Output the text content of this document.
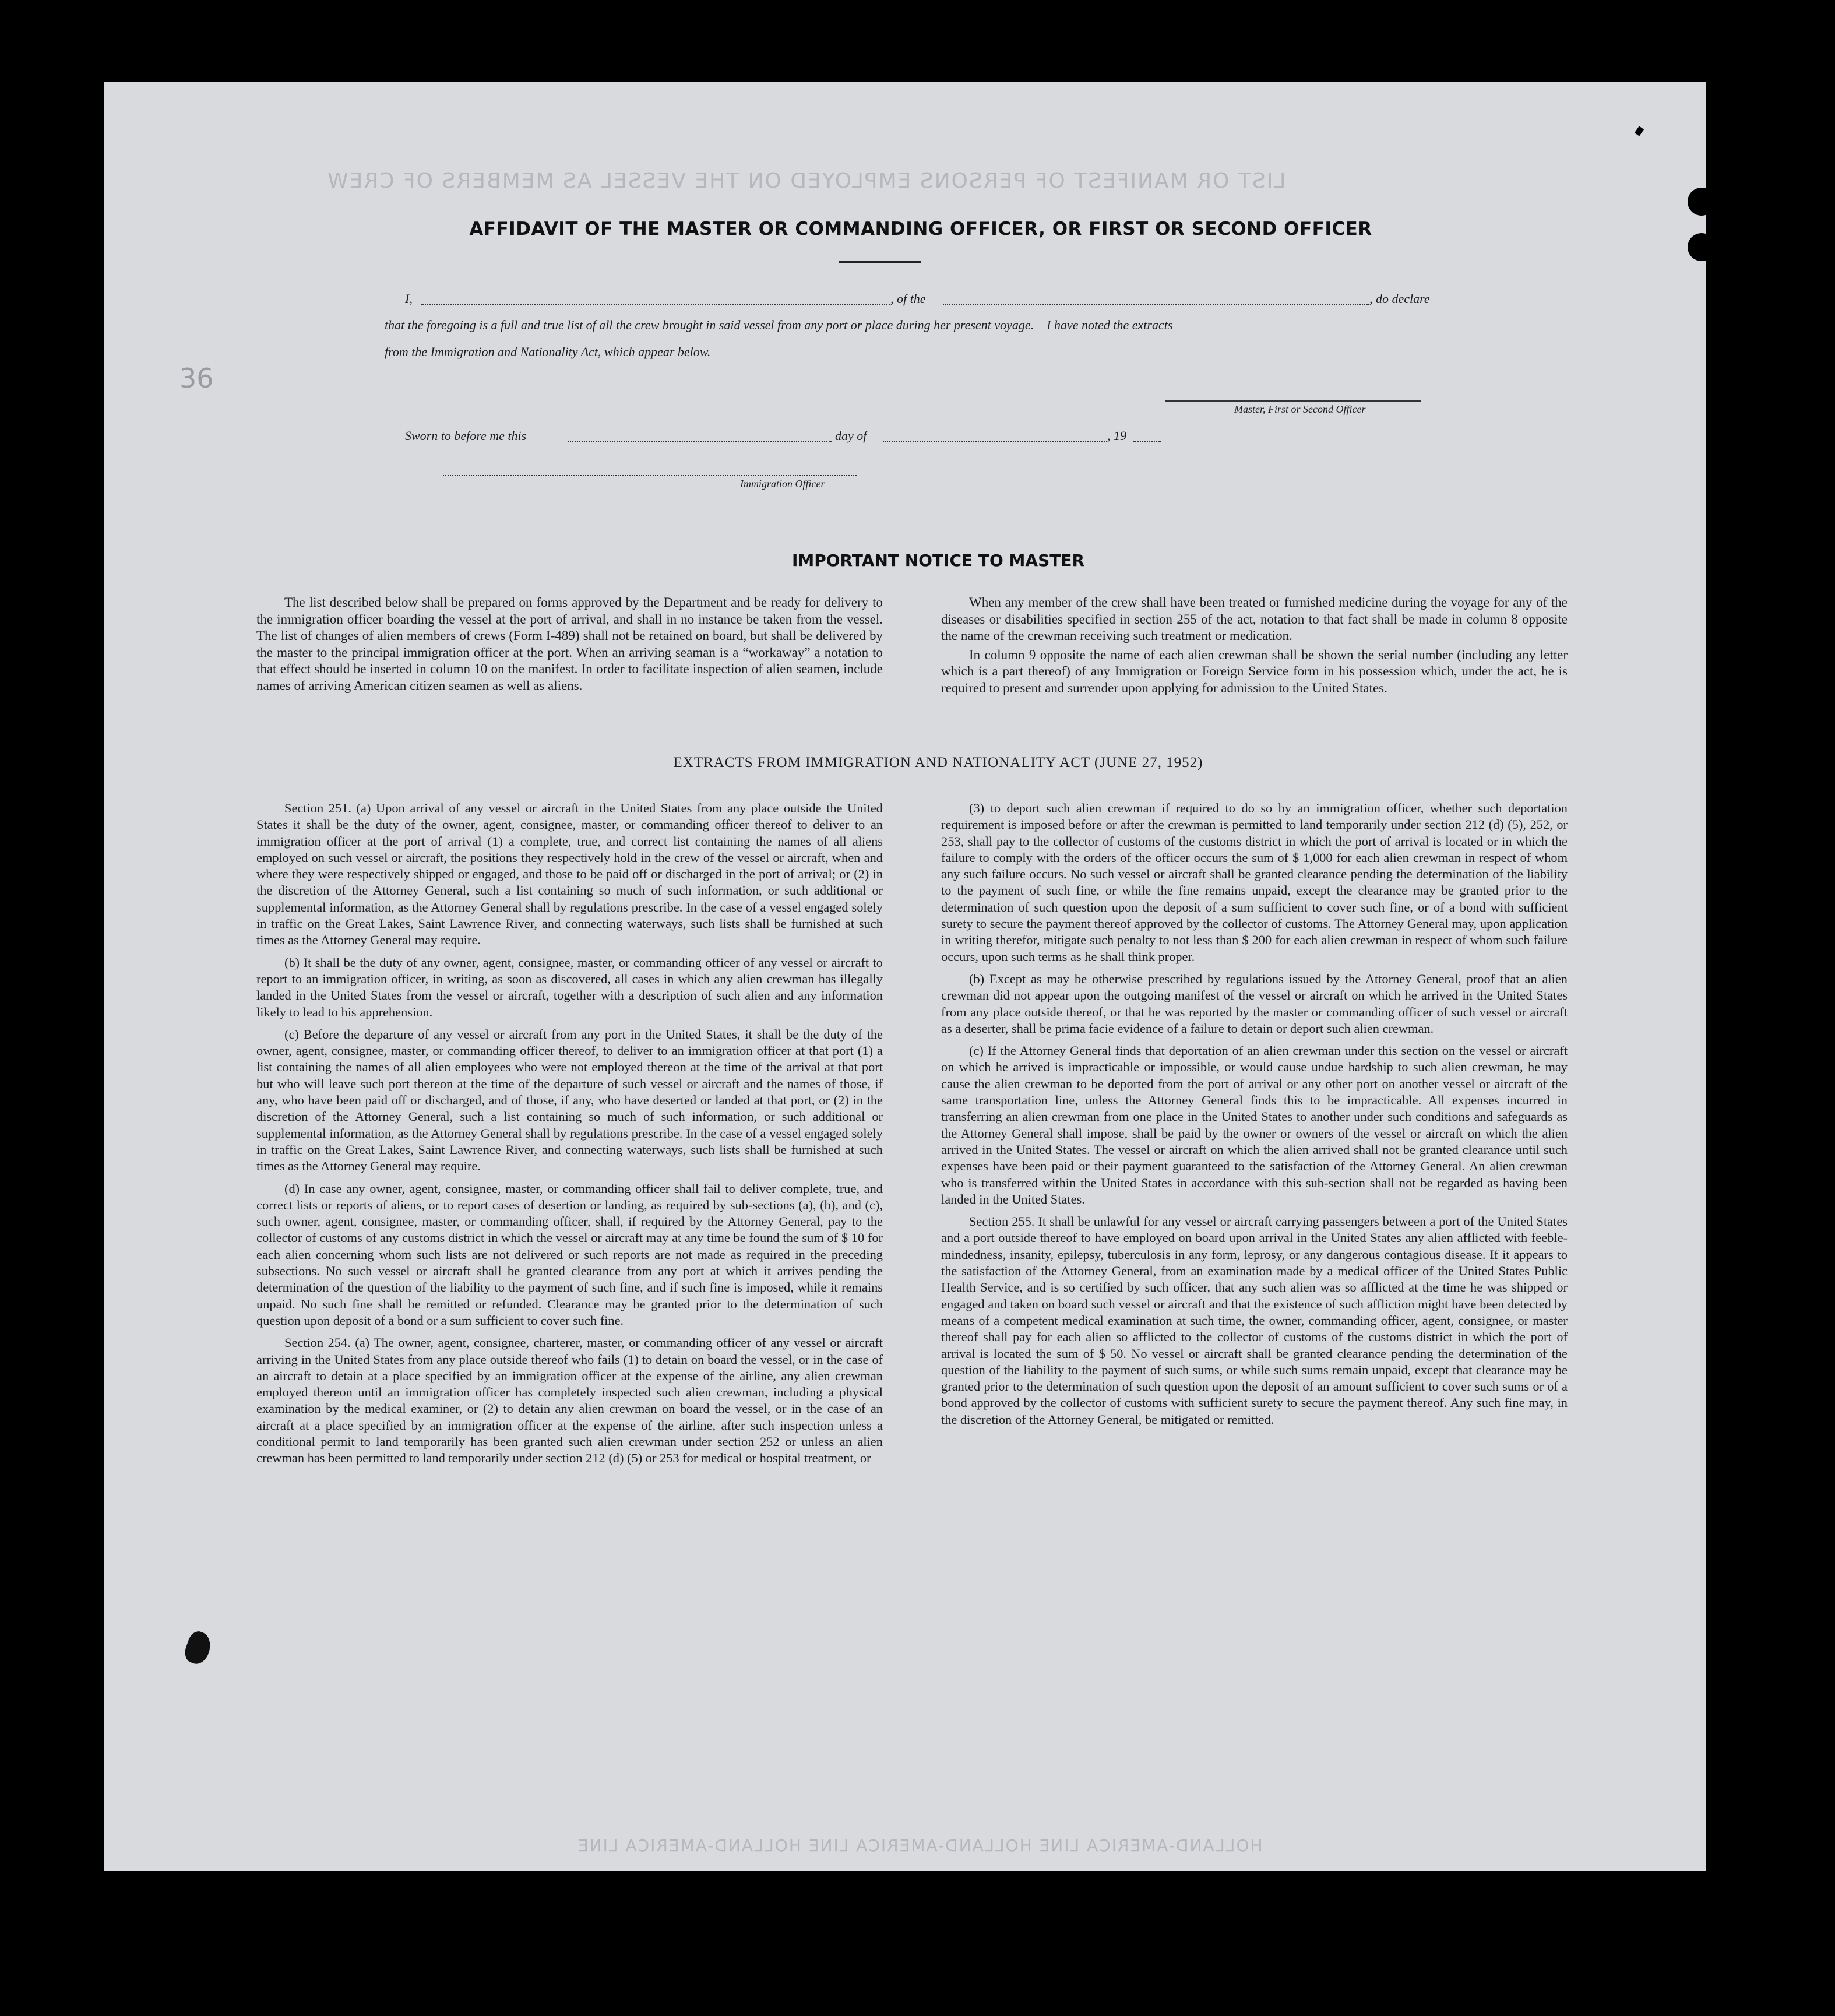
LIST OR MANIFEST OF PERSONS EMPLOYED ON THE VESSEL AS MEMBERS OF CREW
36
HOLLAND-AMERICA LINE HOLLAND-AMERICA LINE HOLLAND-AMERICA LINE
AFFIDAVIT OF THE MASTER OR COMMANDING OFFICER, OR FIRST OR SECOND OFFICER
I,	, of the	, do declare
that the foregoing is a full and true list of all the crew brought in said vessel from any port or place during her present voyage.    I have noted the extracts
from the Immigration and Nationality Act, which appear below.
Master, First or Second Officer
Sworn to before me this	day of	, 19
Immigration Officer
IMPORTANT NOTICE TO MASTER

The list described below shall be prepared on forms approved by the Department and be ready for delivery to the immigration officer boarding the vessel at the port of arrival, and shall in no instance be taken from the vessel. The list of changes of alien members of crews (Form I-489) shall not be retained on board, but shall be delivered by the master to the principal immigration officer at the port. When an arriving seaman is a “workaway” a notation to that effect should be inserted in column 10 on the manifest. In order to facilitate inspection of alien seamen, include names of arriving American citizen seamen as well as aliens.

When any member of the crew shall have been treated or furnished medicine during the voyage for any of the diseases or disabilities specified in section 255 of the act, notation to that fact shall be made in column 8 opposite the name of the crewman receiving such treatment or medication.

In column 9 opposite the name of each alien crewman shall be shown the serial number (including any letter which is a part thereof) of any Immigration or Foreign Service form in his possession which, under the act, he is required to present and surrender upon applying for admission to the United States.

EXTRACTS FROM IMMIGRATION AND NATIONALITY ACT (JUNE 27, 1952)

Section 251. (a) Upon arrival of any vessel or aircraft in the United States from any place outside the United States it shall be the duty of the owner, agent, consignee, master, or commanding officer thereof to deliver to an immigration officer at the port of arrival (1) a complete, true, and correct list containing the names of all aliens employed on such vessel or aircraft, the positions they respectively hold in the crew of the vessel or aircraft, when and where they were respectively shipped or engaged, and those to be paid off or discharged in the port of arrival; or (2) in the discretion of the Attorney General, such a list containing so much of such information, or such additional or supplemental information, as the Attorney General shall by regulations prescribe. In the case of a vessel engaged solely in traffic on the Great Lakes, Saint Lawrence River, and connecting waterways, such lists shall be furnished at such times as the Attorney General may require.

(b) It shall be the duty of any owner, agent, consignee, master, or commanding officer of any vessel or aircraft to report to an immigration officer, in writing, as soon as discovered, all cases in which any alien crewman has illegally landed in the United States from the vessel or aircraft, together with a description of such alien and any information likely to lead to his apprehension.

(c) Before the departure of any vessel or aircraft from any port in the United States, it shall be the duty of the owner, agent, consignee, master, or commanding officer thereof, to deliver to an immigration officer at that port (1) a list containing the names of all alien employees who were not employed thereon at the time of the arrival at that port but who will leave such port thereon at the time of the departure of such vessel or aircraft and the names of those, if any, who have been paid off or discharged, and of those, if any, who have deserted or landed at that port, or (2) in the discretion of the Attorney General, such a list containing so much of such information, or such additional or supplemental information, as the Attorney General shall by regulations prescribe. In the case of a vessel engaged solely in traffic on the Great Lakes, Saint Lawrence River, and connecting waterways, such lists shall be furnished at such times as the Attorney General may require.

(d) In case any owner, agent, consignee, master, or commanding officer shall fail to deliver complete, true, and correct lists or reports of aliens, or to report cases of desertion or landing, as required by sub-sections (a), (b), and (c), such owner, agent, consignee, master, or commanding officer, shall, if required by the Attorney General, pay to the collector of customs of any customs district in which the vessel or aircraft may at any time be found the sum of $ 10 for each alien concerning whom such lists are not delivered or such reports are not made as required in the preceding subsections. No such vessel or aircraft shall be granted clearance from any port at which it arrives pending the determination of the question of the liability to the payment of such fine, and if such fine is imposed, while it remains unpaid. No such fine shall be remitted or refunded. Clearance may be granted prior to the determination of such question upon deposit of a bond or a sum sufficient to cover such fine.

Section 254. (a) The owner, agent, consignee, charterer, master, or commanding officer of any vessel or aircraft arriving in the United States from any place outside thereof who fails (1) to detain on board the vessel, or in the case of an aircraft to detain at a place specified by an immigration officer at the expense of the airline, any alien crewman employed thereon until an immigration officer has completely inspected such alien crewman, including a physical examination by the medical examiner, or (2) to detain any alien crewman on board the vessel, or in the case of an aircraft at a place specified by an immigration officer at the expense of the airline, after such inspection unless a conditional permit to land temporarily has been granted such alien crewman under section 252 or unless an alien crewman has been permitted to land temporarily under section 212 (d) (5) or 253 for medical or hospital treatment, or

(3) to deport such alien crewman if required to do so by an immigration officer, whether such deportation requirement is imposed before or after the crewman is permitted to land temporarily under section 212 (d) (5), 252, or 253, shall pay to the collector of customs of the customs district in which the port of arrival is located or in which the failure to comply with the orders of the officer occurs the sum of $ 1,000 for each alien crewman in respect of whom any such failure occurs. No such vessel or aircraft shall be granted clearance pending the determination of the liability to the payment of such fine, or while the fine remains unpaid, except the clearance may be granted prior to the determination of such question upon the deposit of a sum sufficient to cover such fine, or of a bond with sufficient surety to secure the payment thereof approved by the collector of customs. The Attorney General may, upon application in writing therefor, mitigate such penalty to not less than $ 200 for each alien crewman in respect of whom such failure occurs, upon such terms as he shall think proper.

(b) Except as may be otherwise prescribed by regulations issued by the Attorney General, proof that an alien crewman did not appear upon the outgoing manifest of the vessel or aircraft on which he arrived in the United States from any place outside thereof, or that he was reported by the master or commanding officer of such vessel or aircraft as a deserter, shall be prima facie evidence of a failure to detain or deport such alien crewman.

(c) If the Attorney General finds that deportation of an alien crewman under this section on the vessel or aircraft on which he arrived is impracticable or impossible, or would cause undue hardship to such alien crewman, he may cause the alien crewman to be deported from the port of arrival or any other port on another vessel or aircraft of the same transportation line, unless the Attorney General finds this to be impracticable. All expenses incurred in transferring an alien crewman from one place in the United States to another under such conditions and safeguards as the Attorney General shall impose, shall be paid by the owner or owners of the vessel or aircraft on which the alien arrived in the United States. The vessel or aircraft on which the alien arrived shall not be granted clearance until such expenses have been paid or their payment guaranteed to the satisfaction of the Attorney General. An alien crewman who is transferred within the United States in accordance with this sub-section shall not be regarded as having been landed in the United States.

Section 255. It shall be unlawful for any vessel or aircraft carrying passengers between a port of the United States and a port outside thereof to have employed on board upon arrival in the United States any alien afflicted with feeble-mindedness, insanity, epilepsy, tuberculosis in any form, leprosy, or any dangerous contagious disease. If it appears to the satisfaction of the Attorney General, from an examination made by a medical officer of the United States Public Health Service, and is so certified by such officer, that any such alien was so afflicted at the time he was shipped or engaged and taken on board such vessel or aircraft and that the existence of such affliction might have been detected by means of a competent medical examination at such time, the owner, commanding officer, agent, consignee, or master thereof shall pay for each alien so afflicted to the collector of customs of the customs district in which the port of arrival is located the sum of $ 50. No vessel or aircraft shall be granted clearance pending the determination of the question of the liability to the payment of such sums, or while such sums remain unpaid, except that clearance may be granted prior to the determination of such question upon the deposit of an amount sufficient to cover such sums or of a bond approved by the collector of customs with sufficient surety to secure the payment thereof. Any such fine may, in the discretion of the Attorney General, be mitigated or remitted.
